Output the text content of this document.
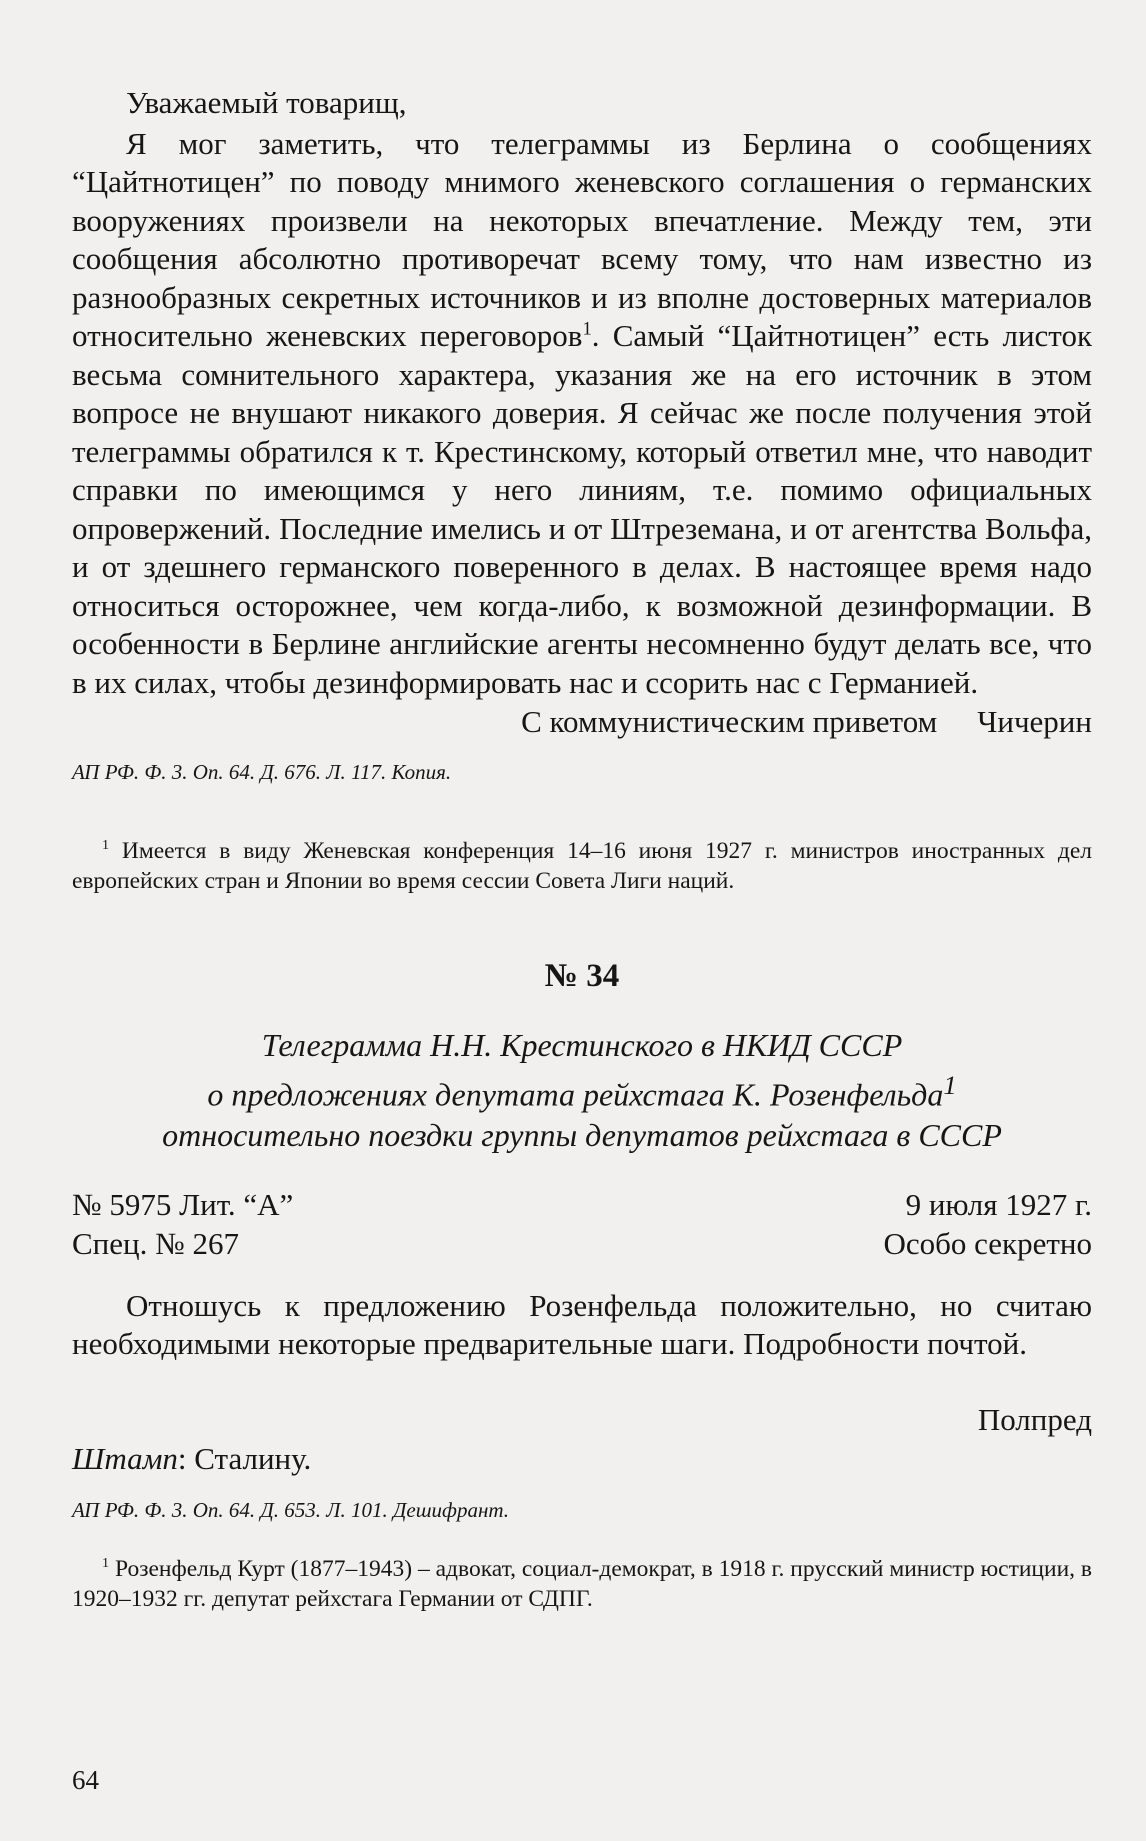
Уважаемый товарищ,

Я мог заметить, что телеграммы из Берлина о сообщениях “Цайтнотицен” по поводу мнимого женевского соглашения о германских вооружениях произвели на некоторых впечатление. Между тем, эти сообщения абсолютно противоречат всему тому, что нам известно из разнообразных секретных источников и из вполне достоверных материалов относительно женевских переговоров$^1$. Самый “Цайтнотицен” есть листок весьма сомнительного характера, указания же на его источник в этом вопросе не внушают никакого доверия. Я сейчас же после получения этой телеграммы обратился к т. Крестинскому, который ответил мне, что наводит справки по имеющимся у него линиям, т.е. помимо официальных опровержений. Последние имелись и от Штреземана, и от агентства Вольфа, и от здешнего германского поверенного в делах. В настоящее время надо относиться осторожнее, чем когда-либо, к возможной дезинформации. В особенности в Берлине английские агенты несомненно будут делать все, что в их силах, чтобы дезинформировать нас и ссорить нас с Германией.

С коммунистическим приветом Чичерин

АП РФ. Ф. 3. Оп. 64. Д. 676. Л. 117. Копия.

$^1$ Имеется в виду Женевская конференция 14–16 июня 1927 г. министров иностранных дел европейских стран и Японии во время сессии Совета Лиги наций.

№ 34
Телеграмма Н.Н. Крестинского в НКИД СССР
о предложениях депутата рейхстага К. Розенфельда$^1$
относительно поездки группы депутатов рейхстага в СССР
№ 5975 Лит. “А”	9 июля 1927 г.
Спец. № 267	Особо секретно

Отношусь к предложению Розенфельда положительно, но считаю необходимыми некоторые предварительные шаги. Подробности почтой.

Полпред

Штамп: Сталину.

АП РФ. Ф. 3. Оп. 64. Д. 653. Л. 101. Дешифрант.

$^1$ Розенфельд Курт (1877–1943) – адвокат, социал-демократ, в 1918 г. прусский министр юстиции, в 1920–1932 гг. депутат рейхстага Германии от СДПГ.

64
